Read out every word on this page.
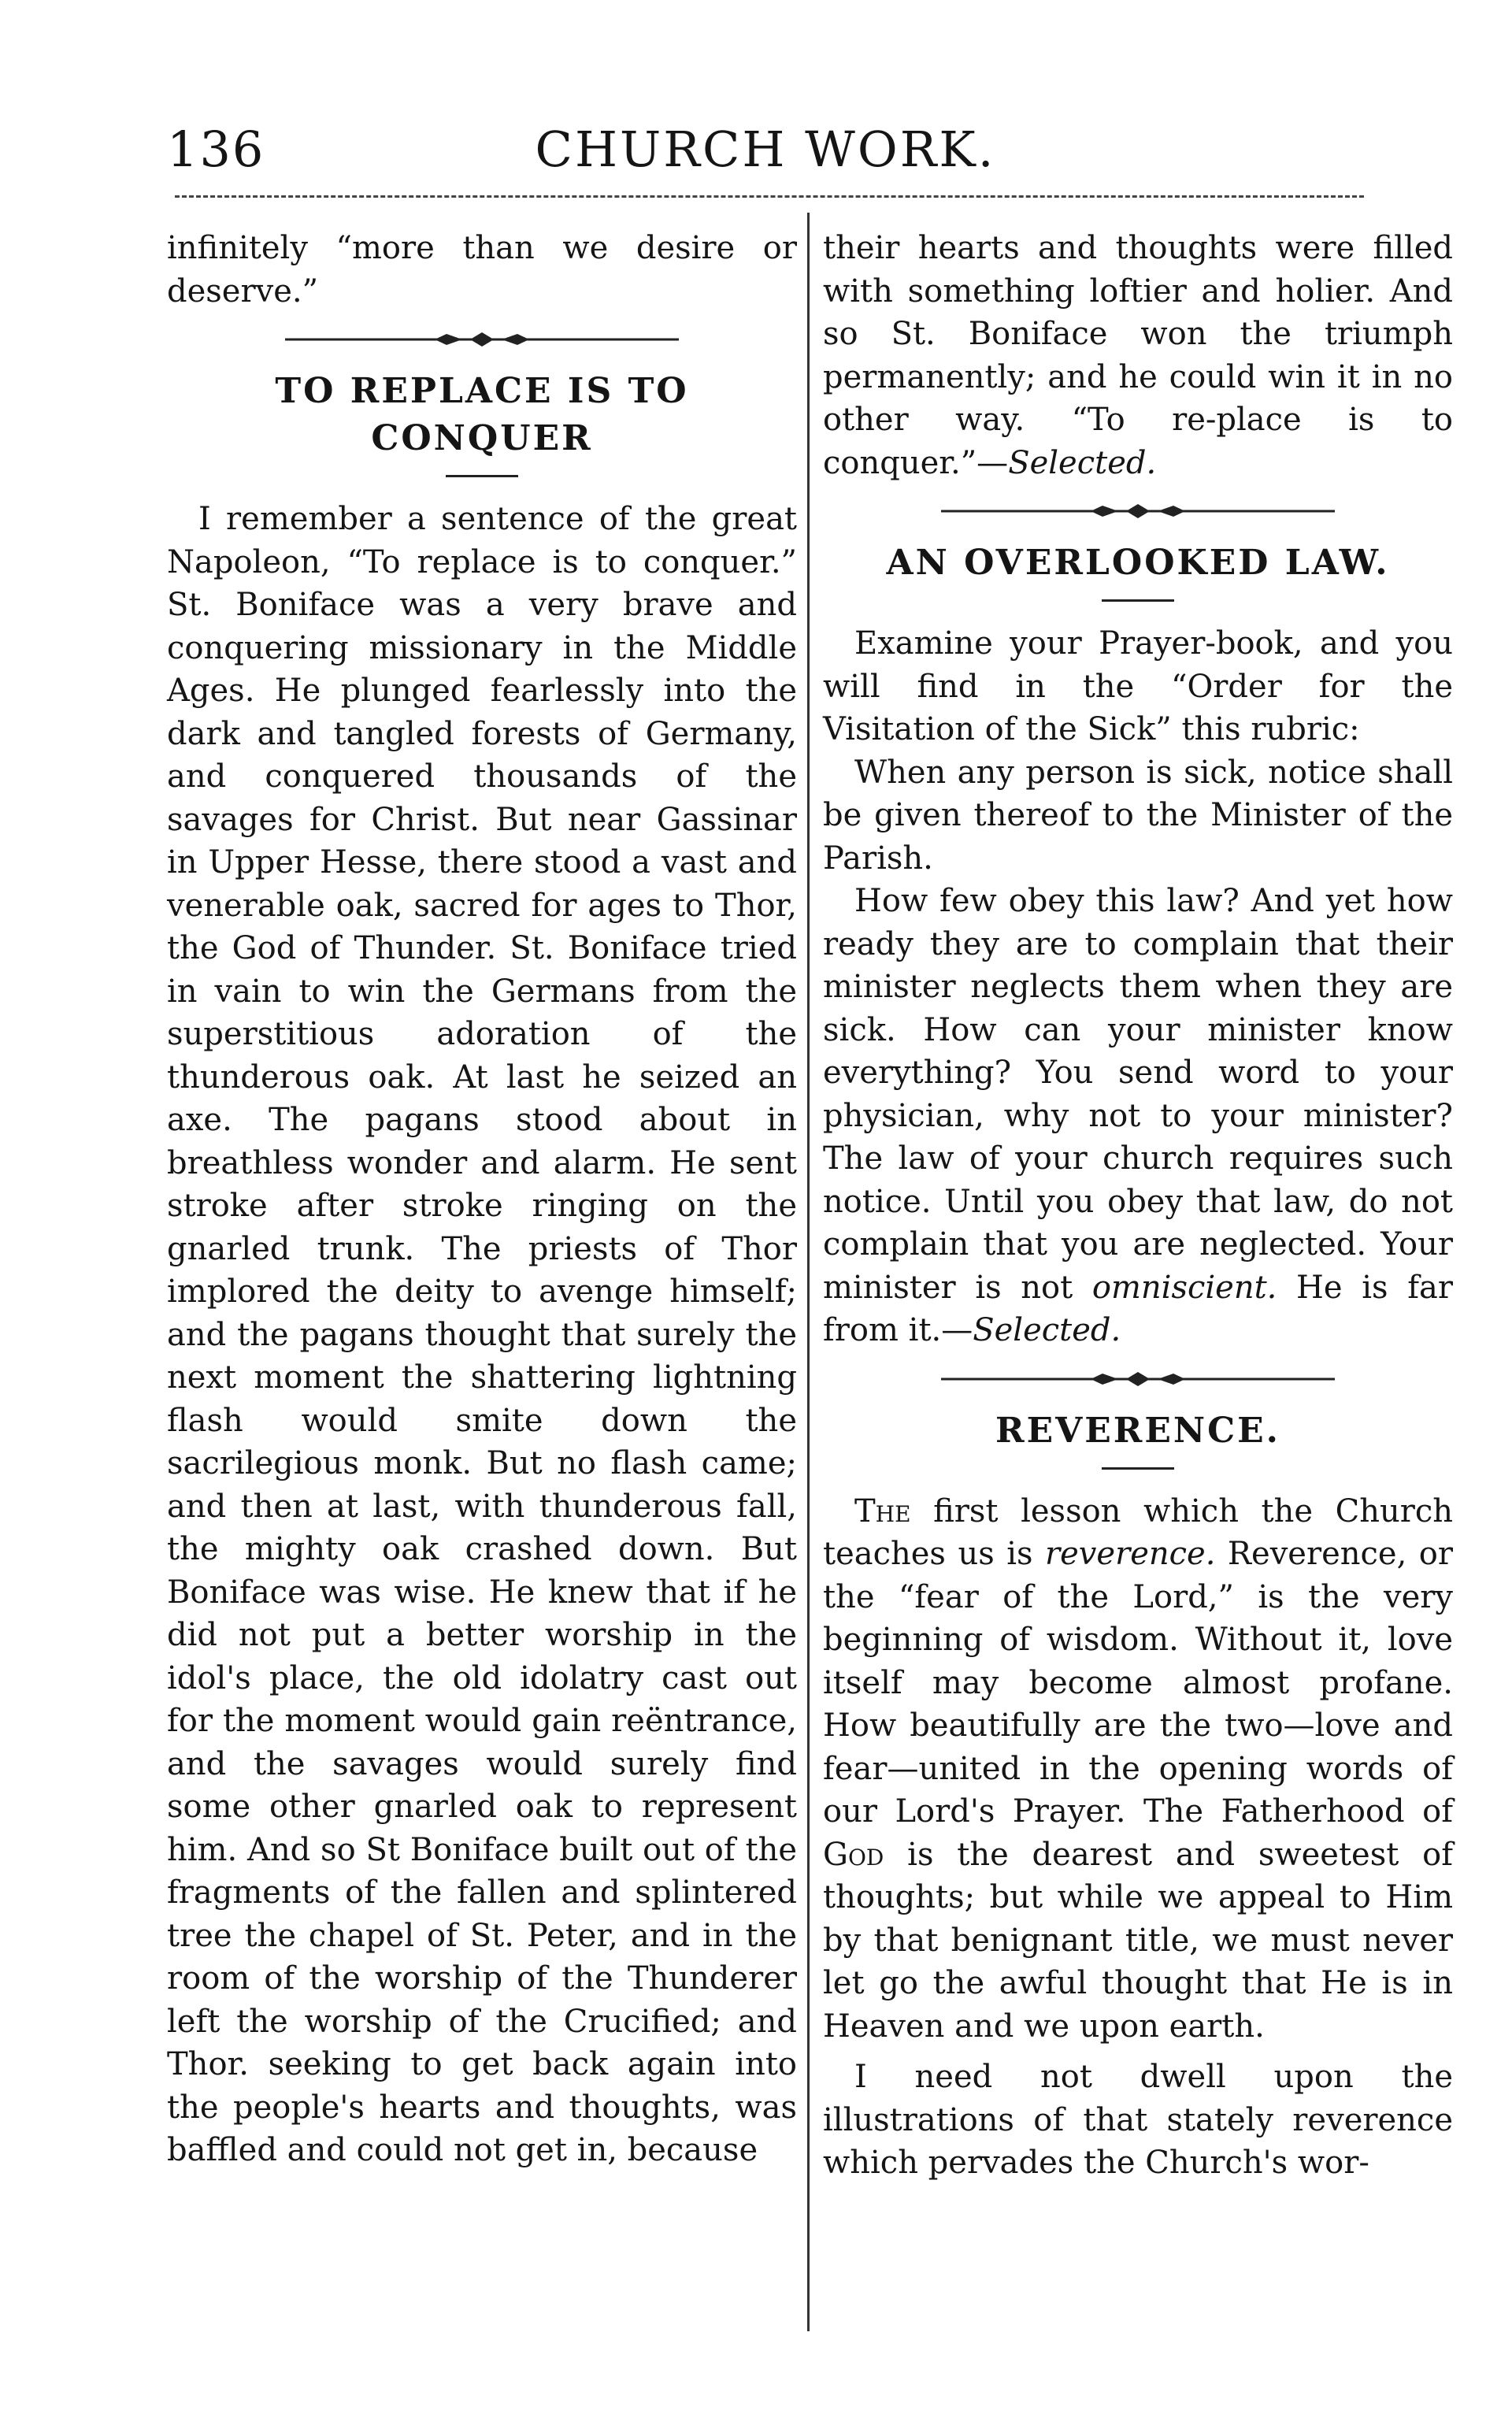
136	CHURCH WORK.

infinitely “more than we desire or deserve.”

TO REPLACE IS TO CONQUER

I remember a sentence of the great Napoleon, “To replace is to conquer.” St. Boniface was a very brave and conquering missionary in the Middle Ages. He plunged fearlessly into the dark and tangled forests of Germany, and conquered thousands of the savages for Christ. But near Gassinar in Upper Hesse, there stood a vast and venerable oak, sacred for ages to Thor, the God of Thunder. St. Boniface tried in vain to win the Germans from the superstitious adoration of the thunderous oak. At last he seized an axe. The pagans stood about in breathless wonder and alarm. He sent stroke after stroke ringing on the gnarled trunk. The priests of Thor implored the deity to avenge himself; and the pagans thought that surely the next moment the shattering lightning flash would smite down the sacrilegious monk. But no flash came; and then at last, with thunderous fall, the mighty oak crashed down. But Boniface was wise. He knew that if he did not put a better worship in the idol's place, the old idolatry cast out for the moment would gain reëntrance, and the savages would surely find some other gnarled oak to represent him. And so St Boniface built out of the fragments of the fallen and splintered tree the chapel of St. Peter, and in the room of the worship of the Thunderer left the worship of the Crucified; and Thor. seeking to get back again into the people's hearts and thoughts, was baffled and could not get in, because

their hearts and thoughts were filled with something loftier and holier. And so St. Boniface won the triumph permanently; and he could win it in no other way. “To re-place is to conquer.”—Selected.

AN OVERLOOKED LAW.

Examine your Prayer-book, and you will find in the “Order for the Visitation of the Sick” this rubric:

When any person is sick, notice shall be given thereof to the Minister of the Parish.

How few obey this law? And yet how ready they are to complain that their minister neglects them when they are sick. How can your minister know everything? You send word to your physician, why not to your minister? The law of your church requires such notice. Until you obey that law, do not complain that you are neglected. Your minister is not omniscient. He is far from it.—Selected.

REVERENCE.

The first lesson which the Church teaches us is reverence. Reverence, or the “fear of the Lord,” is the very beginning of wisdom. Without it, love itself may become almost profane. How beautifully are the two—love and fear—united in the opening words of our Lord's Prayer. The Fatherhood of God is the dearest and sweetest of thoughts; but while we appeal to Him by that benignant title, we must never let go the awful thought that He is in Heaven and we upon earth.

I need not dwell upon the illustrations of that stately reverence which pervades the Church's wor-
